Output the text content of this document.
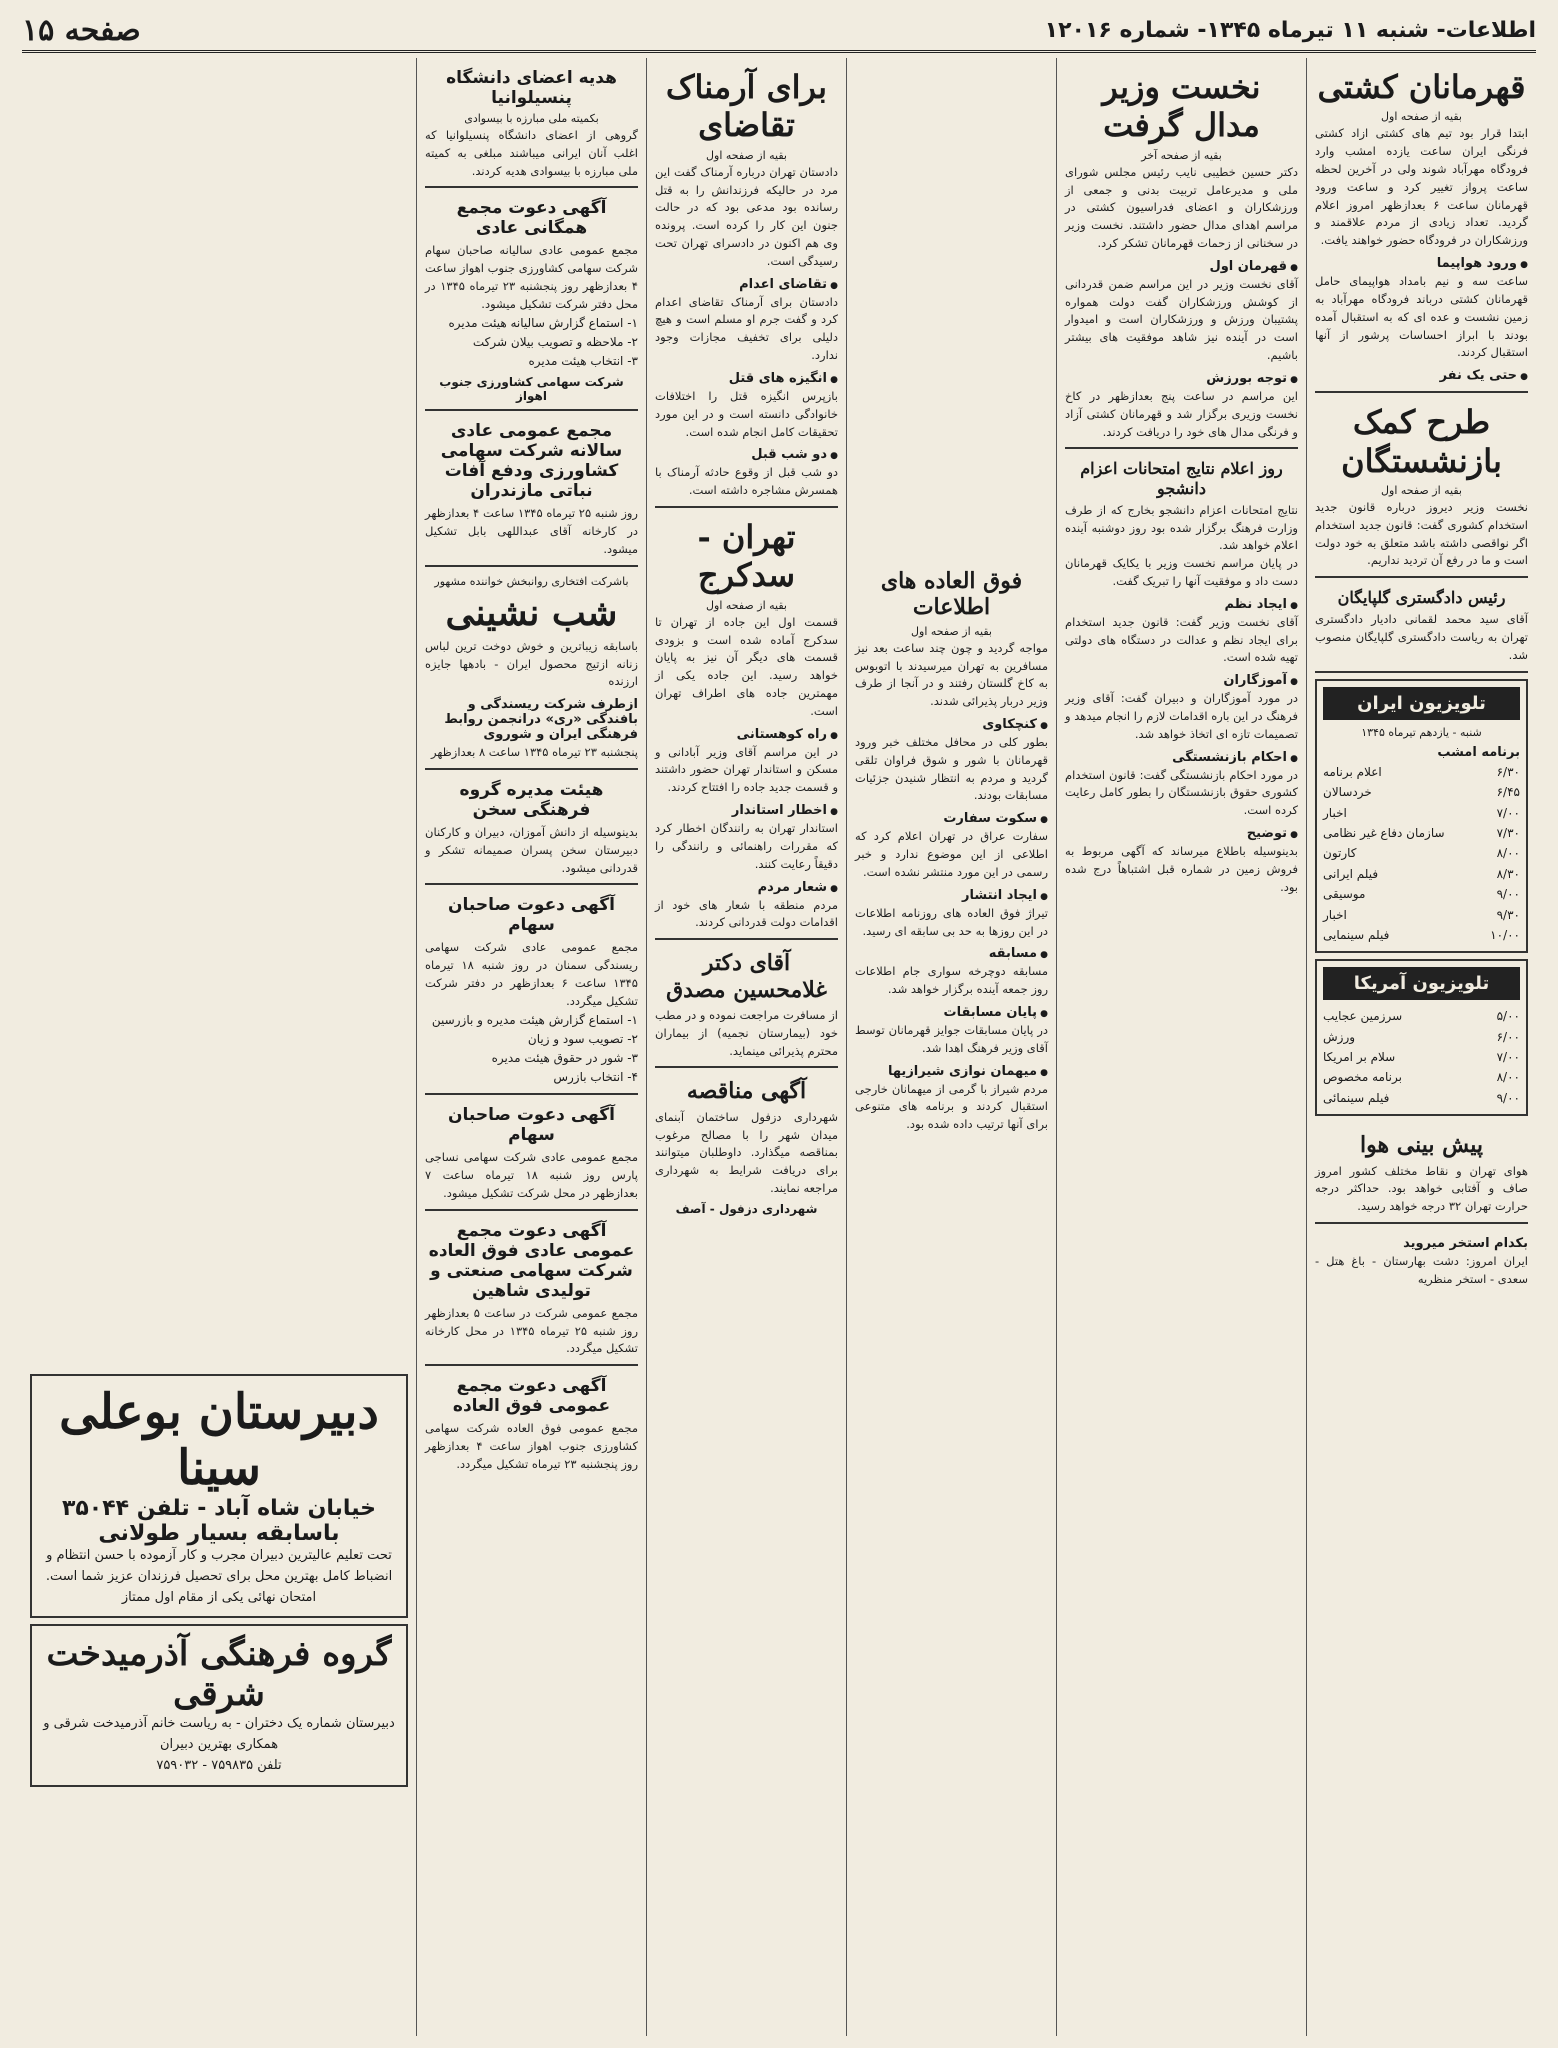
اطلاعات- شنبه ۱۱ تیرماه ۱۳۴۵- شماره ۱۲۰۱۶
صفحه ۱۵
قهرمانان کشتی
بقیه از صفحه اول
ابتدا قرار بود تیم های کشتی ازاد کشتی فرنگی ایران ساعت یازده امشب وارد فرودگاه مهرآباد شوند ولی در آخرین لحظه ساعت پرواز تغییر کرد و ساعت ورود قهرمانان ساعت ۶ بعدازظهر امروز اعلام گردید. تعداد زیادی از مردم علاقمند و ورزشکاران در فرودگاه حضور خواهند یافت.
● ورود هواپیما
ساعت سه و نیم بامداد هواپیمای حامل قهرمانان کشتی درباند فرودگاه مهرآباد به زمین نشست و عده ای که به استقبال آمده بودند با ابراز احساسات پرشور از آنها استقبال کردند.
● حتی یک نفر
طرح کمک بازنشستگان
بقیه از صفحه اول
نخست وزیر دیروز درباره قانون جدید استخدام کشوری گفت: قانون جدید استخدام اگر نواقصی داشته باشد متعلق به خود دولت است و ما در رفع آن تردید نداریم.
رئیس دادگستری گلپایگان
آقای سید محمد لقمانی دادیار دادگستری تهران به ریاست دادگستری گلپایگان منصوب شد.
تلویزیون ایران
شنبه - یازدهم تیرماه ۱۳۴۵
برنامه امشب
۶/۳۰
اعلام برنامه
۶/۴۵
خردسالان
۷/۰۰
اخبار
۷/۳۰
سازمان دفاع غیر نظامی
۸/۰۰
کارتون
۸/۳۰
فیلم ایرانی
۹/۰۰
موسیقی
۹/۳۰
اخبار
۱۰/۰۰
فیلم سینمایی
تلویزیون آمریکا
۵/۰۰
سرزمین عجایب
۶/۰۰
ورزش
۷/۰۰
سلام بر امریکا
۸/۰۰
برنامه مخصوص
۹/۰۰
فیلم سینمائی
پیش بینی هوا
هوای تهران و نقاط مختلف کشور امروز صاف و آفتابی خواهد بود. حداکثر درجه حرارت تهران ۳۲ درجه خواهد رسید.
بکدام استخر میروید
ایران امروز: دشت بهارستان - باغ هتل - سعدی - استخر منظریه
نخست وزیر مدال گرفت
بقیه از صفحه آخر
دکتر حسین خطیبی نایب رئیس مجلس شورای ملی و مدیرعامل تربیت بدنی و جمعی از ورزشکاران و اعضای فدراسیون کشتی در مراسم اهدای مدال حضور داشتند. نخست وزیر در سخنانی از زحمات قهرمانان تشکر کرد.
● قهرمان اول
آقای نخست وزیر در این مراسم ضمن قدردانی از کوشش ورزشکاران گفت دولت همواره پشتیبان ورزش و ورزشکاران است و امیدوار است در آینده نیز شاهد موفقیت های بیشتر باشیم.
● توجه بورزش
این مراسم در ساعت پنج بعدازظهر در کاخ نخست وزیری برگزار شد و قهرمانان کشتی آزاد و فرنگی مدال های خود را دریافت کردند.
روز اعلام نتایج امتحانات اعزام دانشجو
نتایج امتحانات اعزام دانشجو بخارج که از طرف وزارت فرهنگ برگزار شده بود روز دوشنبه آینده اعلام خواهد شد.
در پایان مراسم نخست وزیر با یکایک قهرمانان دست داد و موفقیت آنها را تبریک گفت.
● ایجاد نظم
آقای نخست وزیر گفت: قانون جدید استخدام برای ایجاد نظم و عدالت در دستگاه های دولتی تهیه شده است.
● آموزگاران
در مورد آموزگاران و دبیران گفت: آقای وزیر فرهنگ در این باره اقدامات لازم را انجام میدهد و تصمیمات تازه ای اتخاذ خواهد شد.
● احکام بازنشستگی
در مورد احکام بازنشستگی گفت: قانون استخدام کشوری حقوق بازنشستگان را بطور کامل رعایت کرده است.
● توضیح
بدینوسیله باطلاع میرساند که آگهی مربوط به فروش زمین در شماره قبل اشتباهاً درج شده بود.
فوق العاده های اطلاعات
بقیه از صفحه اول
مواجه گردید و چون چند ساعت بعد نیز مسافرین به تهران میرسیدند با اتوبوس به کاخ گلستان رفتند و در آنجا از طرف وزیر دربار پذیرائی شدند.
● کنچکاوی
بطور کلی در محافل مختلف خبر ورود قهرمانان با شور و شوق فراوان تلقی گردید و مردم به انتظار شنیدن جزئیات مسابقات بودند.
● سکوت سفارت
سفارت عراق در تهران اعلام کرد که اطلاعی از این موضوع ندارد و خبر رسمی در این مورد منتشر نشده است.
● ایجاد انتشار
تیراژ فوق العاده های روزنامه اطلاعات در این روزها به حد بی سابقه ای رسید.
● مسابقه
مسابقه دوچرخه سواری جام اطلاعات روز جمعه آینده برگزار خواهد شد.
● پایان مسابقات
در پایان مسابقات جوایز قهرمانان توسط آقای وزیر فرهنگ اهدا شد.
● میهمان نوازی شیرازیها
مردم شیراز با گرمی از میهمانان خارجی استقبال کردند و برنامه های متنوعی برای آنها ترتیب داده شده بود.
برای آرمناک تقاضای
بقیه از صفحه اول
دادستان تهران درباره آرمناک گفت این مرد در حالیکه فرزندانش را به قتل رسانده بود مدعی بود که در حالت جنون این کار را کرده است. پرونده وی هم اکنون در دادسرای تهران تحت رسیدگی است.
● تقاضای اعدام
دادستان برای آرمناک تقاضای اعدام کرد و گفت جرم او مسلم است و هیچ دلیلی برای تخفیف مجازات وجود ندارد.
● انگیزه های قتل
بازپرس انگیزه قتل را اختلافات خانوادگی دانسته است و در این مورد تحقیقات کامل انجام شده است.
● دو شب قبل
دو شب قبل از وقوع حادثه آرمناک با همسرش مشاجره داشته است.
تهران - سدکرج
بقیه از صفحه اول
قسمت اول این جاده از تهران تا سدکرج آماده شده است و بزودی قسمت های دیگر آن نیز به پایان خواهد رسید. این جاده یکی از مهمترین جاده های اطراف تهران است.
● راه کوهستانی
در این مراسم آقای وزیر آبادانی و مسکن و استاندار تهران حضور داشتند و قسمت جدید جاده را افتتاح کردند.
● اخطار استاندار
استاندار تهران به رانندگان اخطار کرد که مقررات راهنمائی و رانندگی را دقیقاً رعایت کنند.
● شعار مردم
مردم منطقه با شعار های خود از اقدامات دولت قدردانی کردند.
آقای دکتر غلامحسین مصدق
از مسافرت مراجعت نموده و در مطب خود (بیمارستان نجمیه) از بیماران محترم پذیرائی مینماید.
آگهی مناقصه
شهرداری دزفول ساختمان آبنمای میدان شهر را با مصالح مرغوب بمناقصه میگذارد. داوطلبان میتوانند برای دریافت شرایط به شهرداری مراجعه نمایند.
شهرداری دزفول - آصف
هدیه اعضای دانشگاه پنسیلوانیا
بکمیته ملی مبارزه با بیسوادی
گروهی از اعضای دانشگاه پنسیلوانیا که اغلب آنان ایرانی میباشند مبلغی به کمیته ملی مبارزه با بیسوادی هدیه کردند.
آگهی دعوت مجمع همگانی عادی
مجمع عمومی عادی سالیانه صاحبان سهام شرکت سهامی کشاورزی جنوب اهواز ساعت ۴ بعدازظهر روز پنجشنبه ۲۳ تیرماه ۱۳۴۵ در محل دفتر شرکت تشکیل میشود.
۱- استماع گزارش سالیانه هیئت مدیره
۲- ملاحظه و تصویب بیلان شرکت
۳- انتخاب هیئت مدیره
شرکت سهامی کشاورزی جنوب اهواز
مجمع عمومی عادی سالانه شرکت سهامی کشاورزی ودفع آفات نباتی مازندران
روز شنبه ۲۵ تیرماه ۱۳۴۵ ساعت ۴ بعدازظهر در کارخانه آقای عبداللهی بابل تشکیل میشود.
باشرکت افتخاری روانبخش خواننده مشهور
شب نشینی
باسابقه زیباترین و خوش دوخت ترین لباس زنانه ازتیج محصول ایران - بادهها جایزه ارزنده
ازطرف شرکت ریسندگی و بافندگی «ری» درانجمن روابط فرهنگی ایران و شوروی
پنجشنبه ۲۳ تیرماه ۱۳۴۵ ساعت ۸ بعدازظهر
هیئت مدیره گروه فرهنگی سخن
بدینوسیله از دانش آموزان، دبیران و کارکنان دبیرستان سخن پسران صمیمانه تشکر و قدردانی میشود.
آگهی دعوت صاحبان سهام
مجمع عمومی عادی شرکت سهامی ریسندگی سمنان در روز شنبه ۱۸ تیرماه ۱۳۴۵ ساعت ۶ بعدازظهر در دفتر شرکت تشکیل میگردد.
۱- استماع گزارش هیئت مدیره و بازرسین
۲- تصویب سود و زیان
۳- شور در حقوق هیئت مدیره
۴- انتخاب بازرس
آگهی دعوت صاحبان سهام
مجمع عمومی عادی شرکت سهامی نساجی پارس روز شنبه ۱۸ تیرماه ساعت ۷ بعدازظهر در محل شرکت تشکیل میشود.
آگهی دعوت مجمع عمومی عادی فوق العاده شرکت سهامی صنعتی و تولیدی شاهین
مجمع عمومی شرکت در ساعت ۵ بعدازظهر روز شنبه ۲۵ تیرماه ۱۳۴۵ در محل کارخانه تشکیل میگردد.
آگهی دعوت مجمع عمومی فوق العاده
مجمع عمومی فوق العاده شرکت سهامی کشاورزی جنوب اهواز ساعت ۴ بعدازظهر روز پنجشنبه ۲۳ تیرماه تشکیل میگردد.
دبیرستان بوعلی سینا
خیابان شاه آباد - تلفن ۳۵۰۴۴
باسابقه بسیار طولانی
تحت تعلیم عالیترین دبیران مجرب و کار آزموده با حسن انتظام و انضباط کامل بهترین محل برای تحصیل فرزندان عزیز شما است.
امتحان نهائی یکی از مقام اول ممتاز
گروه فرهنگی آذرمیدخت شرقی
دبیرستان شماره یک دختران - به ریاست خانم آذرمیدخت شرقی و همکاری بهترین دبیران
تلفن ۷۵۹۸۳۵ - ۷۵۹۰۳۲
